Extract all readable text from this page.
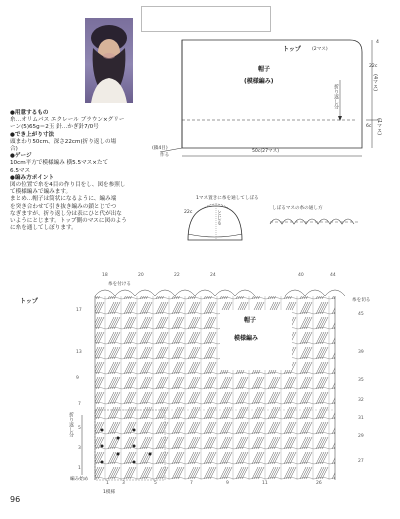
●用意するもの
糸…オリムパス エクレール ブラウン×グリー
ーン(5)65g＝2玉 針…かぎ針7/0号
●でき上がり寸法
頭まわり50cm、深さ22cm(折り返しの場
合)
●ゲージ
10cm平方で模様編み 横5.5マス×たて
6.5マス
●編み方ポイント
図の位置で糸を4目の作り目をし、図を参照し
て模様編みで編みます。
まとめ…帽子は筒状になるように、編み端
を突き合わせて引き抜き編みの鎖とじでつ
なぎますが、折り返し分は表にひと代が出な
いようにとじます。トップ側のマスに図のよう
に糸を通してしぼります。
トップ (2マス)
帽子
(模様編み)
折り返し分
22c
(4マス)
4
6c (1マス)
50c(27マス)
(鎖4目)
作る
1マス置きに糸を通してしぼる
22c	とじる
しぼるマスの糸の通し方
トップ
帽子
模様編み
糸を切る
糸を付ける
折り返し分
編み始め
1模様
18	20	22	24	40	44
1	3	5	7	9	11	26
17
13
9
7
5
3
1
45
39
35
32
31
29
27
96
